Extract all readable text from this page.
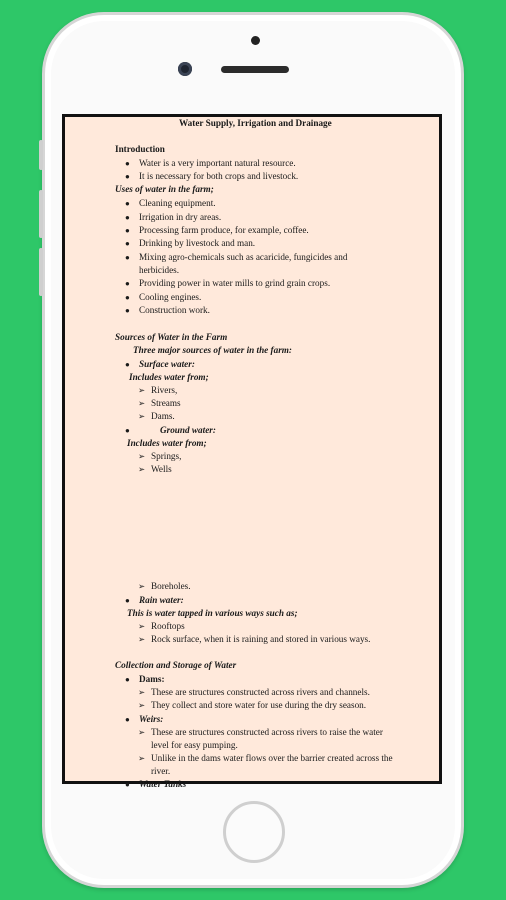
Water Supply, Irrigation and Drainage
Introduction
● Water is a very important natural resource.
● It is necessary for both crops and livestock.
Uses of water in the farm;
● Cleaning equipment.
● Irrigation in dry areas.
● Processing farm produce, for example, coffee.
● Drinking by livestock and man.
● Mixing agro-chemicals such as acaricide, fungicides and
herbicides.
● Providing power in water mills to grind grain crops.
● Cooling engines.
● Construction work.
Sources of Water in the Farm
Three major sources of water in the farm:
● Surface water:
Includes water from;
➢ Rivers,
➢ Streams
➢ Dams.
●	Ground water:
Includes water from;
➢ Springs,
➢ Wells
➢ Boreholes.
● Rain water:
This is water tapped in various ways such as;
➢ Rooftops
➢ Rock surface, when it is raining and stored in various ways.
Collection and Storage of Water
● Dams:
➢ These are structures constructed across rivers and channels.
➢ They collect and store water for use during the dry season.
● Weirs:
➢ These are structures constructed across rivers to raise the water
level for easy pumping.
➢ Unlike in the dams water flows over the barrier created across the
river.
● Water Tanks
